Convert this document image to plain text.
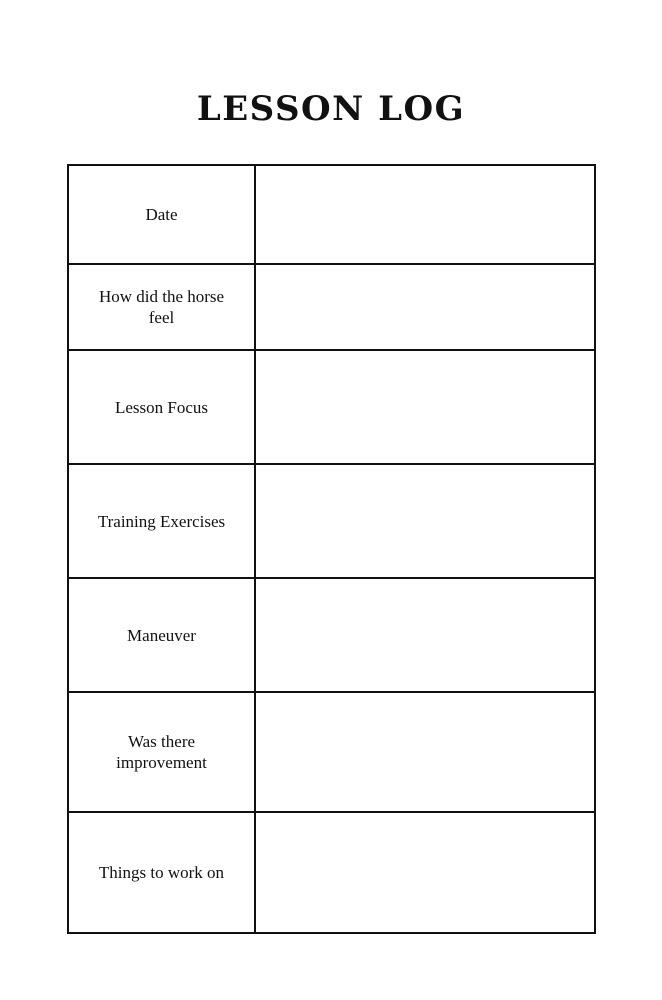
LESSON LOG
Date	
How did the horse feel	
Lesson Focus	
Training Exercises	
Maneuver	
Was there improvement	
Things to work on	
